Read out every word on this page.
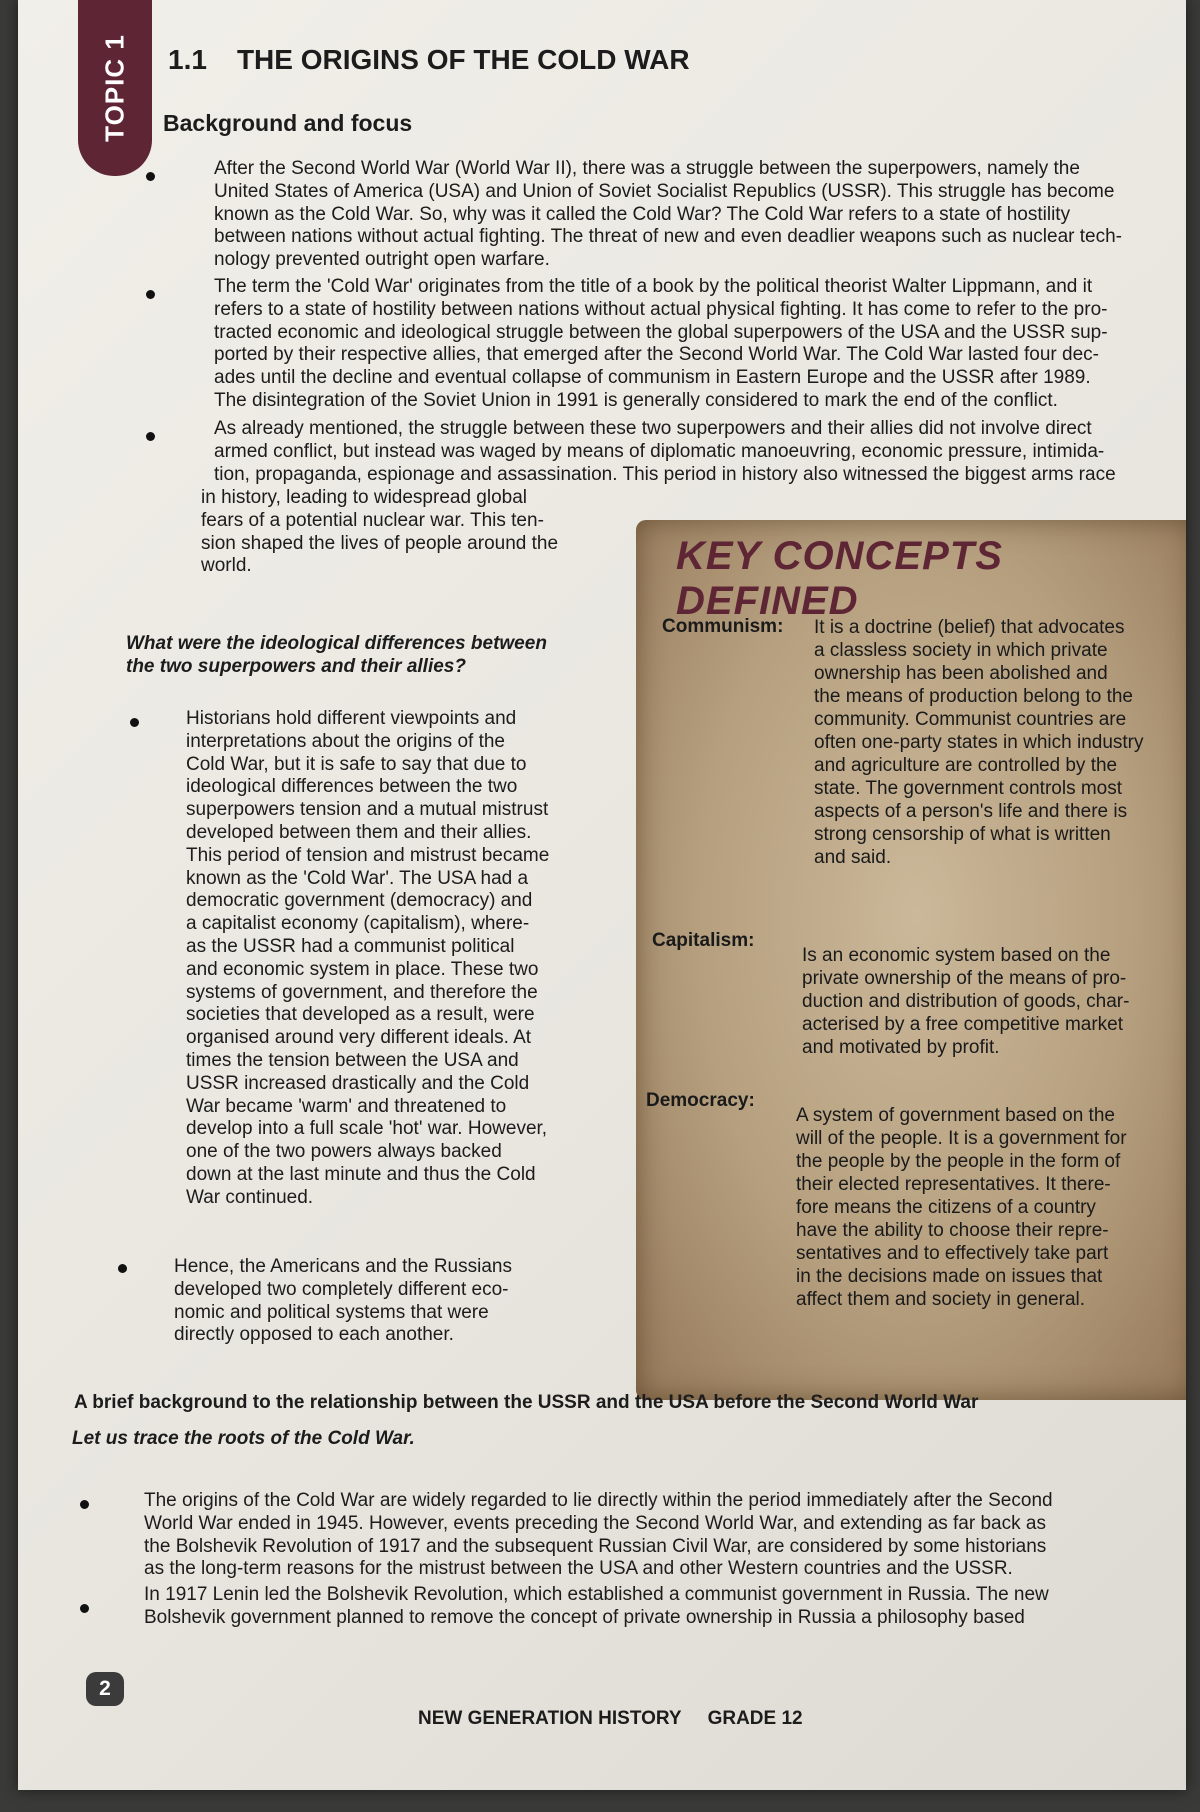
TOPIC 1 1.1 THE ORIGINS OF THE COLD WAR
Background and focus
After the Second World War (World War II), there was a struggle between the superpowers, namely the
United States of America (USA) and Union of Soviet Socialist Republics (USSR). This struggle has become
known as the Cold War. So, why was it called the Cold War? The Cold War refers to a state of hostility
between nations without actual fighting. The threat of new and even deadlier weapons such as nuclear tech-
nology prevented outright open warfare.
The term the 'Cold War' originates from the title of a book by the political theorist Walter Lippmann, and it
refers to a state of hostility between nations without actual physical fighting. It has come to refer to the pro-
tracted economic and ideological struggle between the global superpowers of the USA and the USSR sup-
ported by their respective allies, that emerged after the Second World War. The Cold War lasted four dec-
ades until the decline and eventual collapse of communism in Eastern Europe and the USSR after 1989.
The disintegration of the Soviet Union in 1991 is generally considered to mark the end of the conflict.
As already mentioned, the struggle between these two superpowers and their allies did not involve direct
armed conflict, but instead was waged by means of diplomatic manoeuvring, economic pressure, intimida-
tion, propaganda, espionage and assassination. This period in history also witnessed the biggest arms race
in history, leading to widespread global
fears of a potential nuclear war. This ten-
sion shaped the lives of people around the
world.
What were the ideological differences between
the two superpowers and their allies?
Historians hold different viewpoints and
interpretations about the origins of the
Cold War, but it is safe to say that due to
ideological differences between the two
superpowers tension and a mutual mistrust
developed between them and their allies.
This period of tension and mistrust became
known as the 'Cold War'. The USA had a
democratic government (democracy) and
a capitalist economy (capitalism), where-
as the USSR had a communist political
and economic system in place. These two
systems of government, and therefore the
societies that developed as a result, were
organised around very different ideals. At
times the tension between the USA and
USSR increased drastically and the Cold
War became 'warm' and threatened to
develop into a full scale 'hot' war. However,
one of the two powers always backed
down at the last minute and thus the Cold
War continued.
Hence, the Americans and the Russians
developed two completely different eco-
nomic and political systems that were
directly opposed to each another.
KEY CONCEPTS DEFINED
Communism: It is a doctrine (belief) that advocates
a classless society in which private
ownership has been abolished and
the means of production belong to the
community. Communist countries are
often one-party states in which industry
and agriculture are controlled by the
state. The government controls most
aspects of a person's life and there is
strong censorship of what is written
and said.
Capitalism:
Is an economic system based on the
private ownership of the means of pro-
duction and distribution of goods, char-
acterised by a free competitive market
and motivated by profit.
Democracy:
A system of government based on the
will of the people. It is a government for
the people by the people in the form of
their elected representatives. It there-
fore means the citizens of a country
have the ability to choose their repre-
sentatives and to effectively take part
in the decisions made on issues that
affect them and society in general.
A brief background to the relationship between the USSR and the USA before the Second World War
Let us trace the roots of the Cold War.
The origins of the Cold War are widely regarded to lie directly within the period immediately after the Second
World War ended in 1945. However, events preceding the Second World War, and extending as far back as
the Bolshevik Revolution of 1917 and the subsequent Russian Civil War, are considered by some historians
as the long-term reasons for the mistrust between the USA and other Western countries and the USSR.
In 1917 Lenin led the Bolshevik Revolution, which established a communist government in Russia. The new
Bolshevik government planned to remove the concept of private ownership in Russia a philosophy based
2
NEW GENERATION HISTORY GRADE 12
